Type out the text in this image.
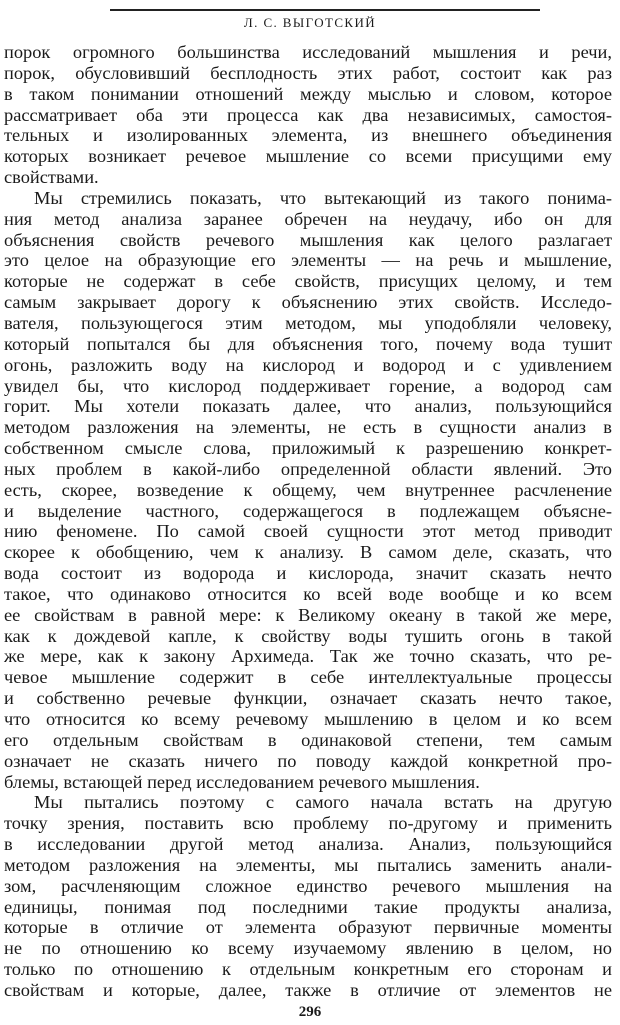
Л. С. ВЫГОТСКИЙ
порок огромного большинства исследований мышления и речи,
порок, обусловивший бесплодность этих работ, состоит как раз
в таком понимании отношений между мыслью и словом, которое
рассматривает оба эти процесса как два независимых, самостоя-
тельных и изолированных элемента, из внешнего объединения
которых возникает речевое мышление со всеми присущими ему
свойствами.
Мы стремились показать, что вытекающий из такого понима-
ния метод анализа заранее обречен на неудачу, ибо он для
объяснения свойств речевого мышления как целого разлагает
это целое на образующие его элементы — на речь и мышление,
которые не содержат в себе свойств, присущих целому, и тем
самым закрывает дорогу к объяснению этих свойств. Исследо-
вателя, пользующегося этим методом, мы уподобляли человеку,
который попытался бы для объяснения того, почему вода тушит
огонь, разложить воду на кислород и водород и с удивлением
увидел бы, что кислород поддерживает горение, а водород сам
горит. Мы хотели показать далее, что анализ, пользующийся
методом разложения на элементы, не есть в сущности анализ в
собственном смысле слова, приложимый к разрешению конкрет-
ных проблем в какой-либо определенной области явлений. Это
есть, скорее, возведение к общему, чем внутреннее расчленение
и выделение частного, содержащегося в подлежащем объясне-
нию феномене. По самой своей сущности этот метод приводит
скорее к обобщению, чем к анализу. В самом деле, сказать, что
вода состоит из водорода и кислорода, значит сказать нечто
такое, что одинаково относится ко всей воде вообще и ко всем
ее свойствам в равной мере: к Великому океану в такой же мере,
как к дождевой капле, к свойству воды тушить огонь в такой
же мере, как к закону Архимеда. Так же точно сказать, что ре-
чевое мышление содержит в себе интеллектуальные процессы
и собственно речевые функции, означает сказать нечто такое,
что относится ко всему речевому мышлению в целом и ко всем
его отдельным свойствам в одинаковой степени, тем самым
означает не сказать ничего по поводу каждой конкретной про-
блемы, встающей перед исследованием речевого мышления.
Мы пытались поэтому с самого начала встать на другую
точку зрения, поставить всю проблему по-другому и применить
в исследовании другой метод анализа. Анализ, пользующийся
методом разложения на элементы, мы пытались заменить анали-
зом, расчленяющим сложное единство речевого мышления на
единицы, понимая под последними такие продукты анализа,
которые в отличие от элемента образуют первичные моменты
не по отношению ко всему изучаемому явлению в целом, но
только по отношению к отдельным конкретным его сторонам и
свойствам и которые, далее, также в отличие от элементов не
296
